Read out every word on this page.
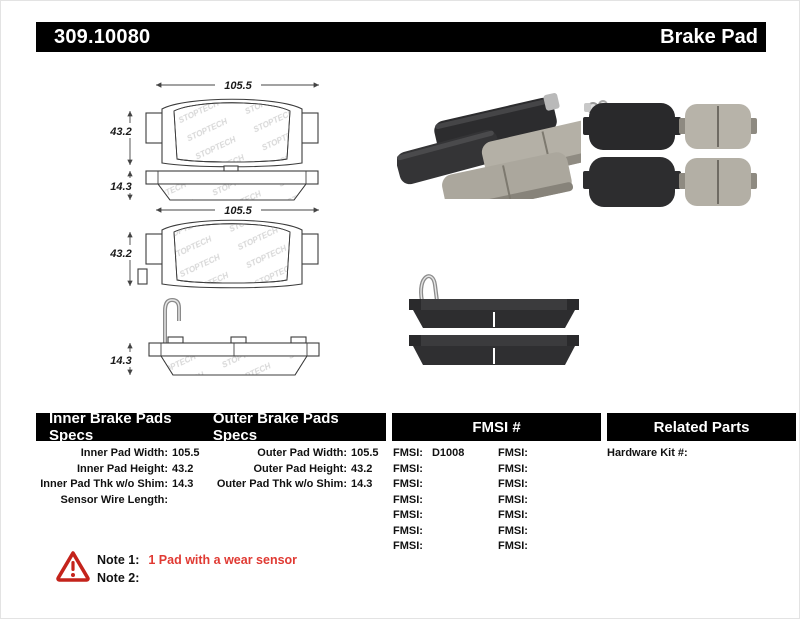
309.10080	Brake Pad
105.5
43.2
14.3
105.5
43.2
14.3
Inner Brake Pads Specs
Outer Brake Pads Specs	FMSI #	Related Parts
Inner Pad Width: 105.5
Inner Pad Height: 43.2
Inner Pad Thk w/o Shim: 14.3
Sensor Wire Length:
Outer Pad Width: 105.5
Outer Pad Height: 43.2
Outer Pad Thk w/o Shim: 14.3
FMSI: D1008
FMSI:
FMSI:
FMSI:
FMSI:
FMSI:
FMSI:
FMSI:
FMSI:
FMSI:
FMSI:
FMSI:
FMSI:
FMSI:
Hardware Kit #:
Note 1: 1 Pad with a wear sensor
Note 2:
